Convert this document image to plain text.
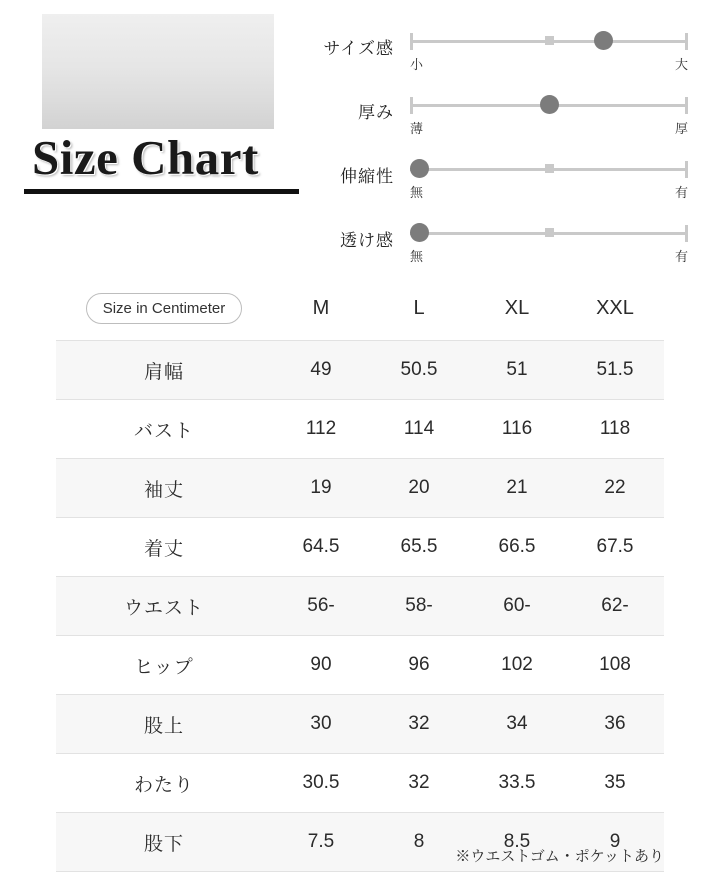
Size Chart
サイズ感
小	大
厚み
薄	厚
伸縮性
無	有
透け感
無	有
Size in Centimeter	M	L	XL	XXL
肩幅	49	50.5	51	51.5
バスト	112	114	116	118
袖丈	19	20	21	22
着丈	64.5	65.5	66.5	67.5
ウエスト	56-	58-	60-	62-
ヒップ	90	96	102	108
股上	30	32	34	36
わたり	30.5	32	33.5	35
股下	7.5	8	8.5	9
※ウエストゴム・ポケットあり
